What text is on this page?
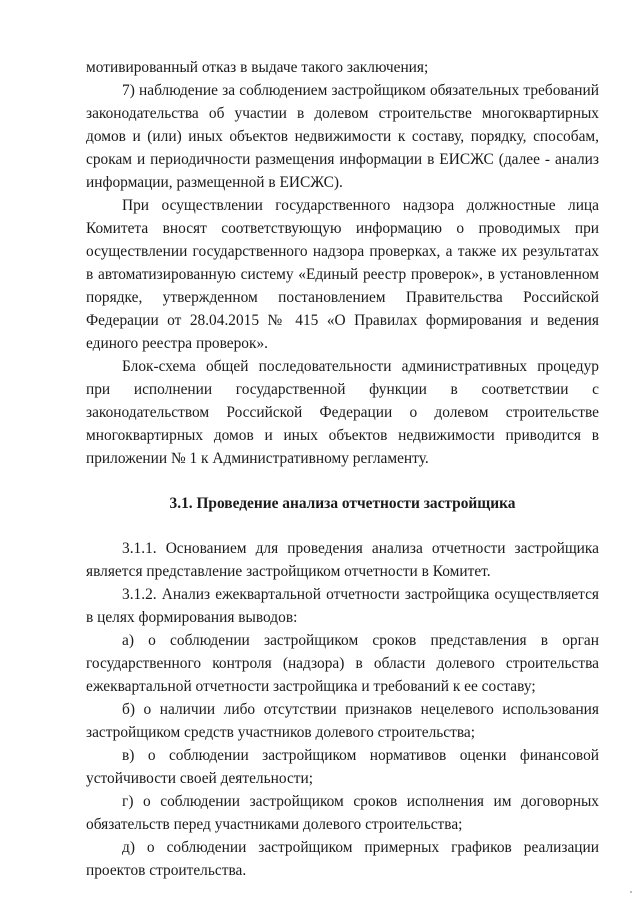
мотивированный отказ в выдаче такого заключения;

7) наблюдение за соблюдением застройщиком обязательных требований законодательства об участии в долевом строительстве многоквартирных домов и (или) иных объектов недвижимости к составу, порядку, способам, срокам и периодичности размещения информации в ЕИСЖС (далее - анализ информации, размещенной в ЕИСЖС).

При осуществлении государственного надзора должностные лица Комитета вносят соответствующую информацию о проводимых при осуществлении государственного надзора проверках, а также их результатах в автоматизированную систему «Единый реестр проверок», в установленном порядке, утвержденном постановлением Правительства Российской Федерации от 28.04.2015 № 415 «О Правилах формирования и ведения единого реестра проверок».

Блок-схема общей последовательности административных процедур при исполнении государственной функции в соответствии с законодательством Российской Федерации о долевом строительстве многоквартирных домов и иных объектов недвижимости приводится в приложении № 1 к Административному регламенту.

3.1. Проведение анализа отчетности застройщика

3.1.1. Основанием для проведения анализа отчетности застройщика является представление застройщиком отчетности в Комитет.

3.1.2. Анализ ежеквартальной отчетности застройщика осуществляется в целях формирования выводов:

а) о соблюдении застройщиком сроков представления в орган государственного контроля (надзора) в области долевого строительства ежеквартальной отчетности застройщика и требований к ее составу;

б) о наличии либо отсутствии признаков нецелевого использования застройщиком средств участников долевого строительства;

в) о соблюдении застройщиком нормативов оценки финансовой устойчивости своей деятельности;

г) о соблюдении застройщиком сроков исполнения им договорных обязательств перед участниками долевого строительства;

д) о соблюдении застройщиком примерных графиков реализации проектов строительства.
